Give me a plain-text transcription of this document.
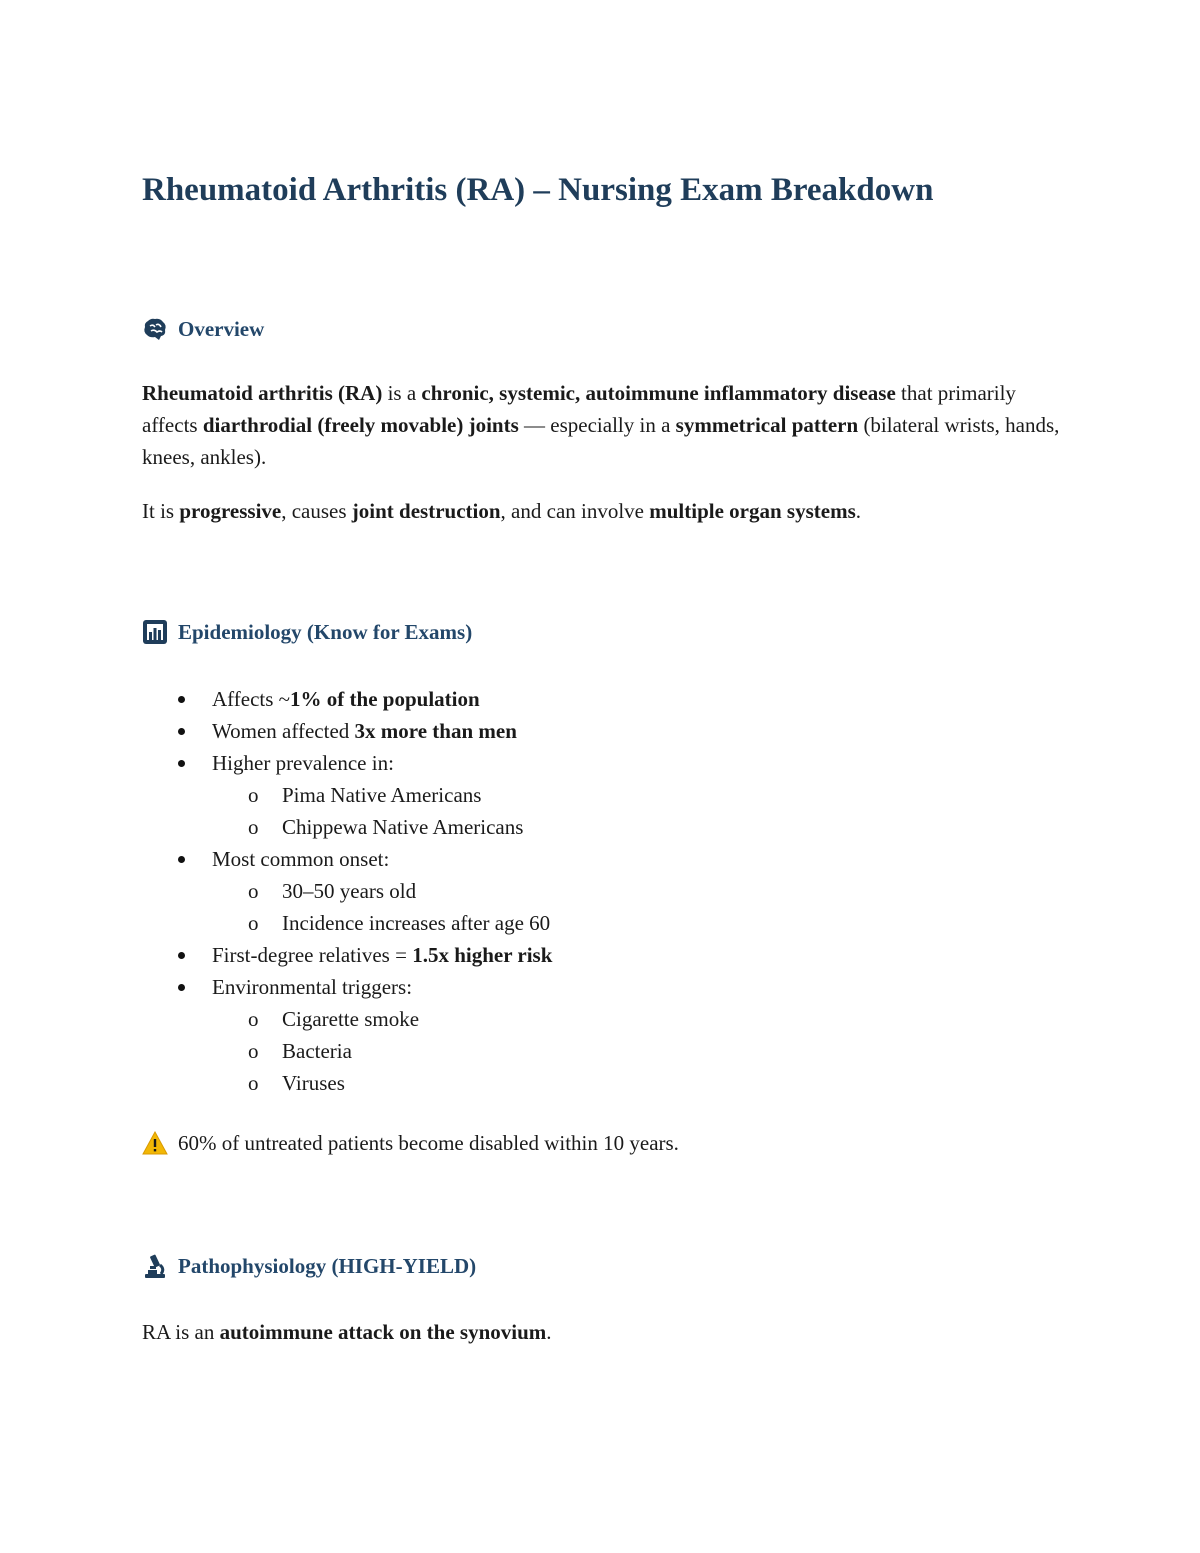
Rheumatoid Arthritis (RA) – Nursing Exam Breakdown
Overview

Rheumatoid arthritis (RA) is a chronic, systemic, autoimmune inflammatory disease that primarily affects diarthrodial (freely movable) joints — especially in a symmetrical pattern (bilateral wrists, hands, knees, ankles).

It is progressive, causes joint destruction, and can involve multiple organ systems.

Epidemiology (Know for Exams)
Affects ~1% of the population
Women affected 3x more than men
Higher prevalence in:
o Pima Native Americans
o Chippewa Native Americans
Most common onset:
o 30–50 years old
o Incidence increases after age 60
First-degree relatives = 1.5x higher risk
Environmental triggers:
o Cigarette smoke
o Bacteria
o Viruses
60% of untreated patients become disabled within 10 years.
Pathophysiology (HIGH-YIELD)

RA is an autoimmune attack on the synovium.
